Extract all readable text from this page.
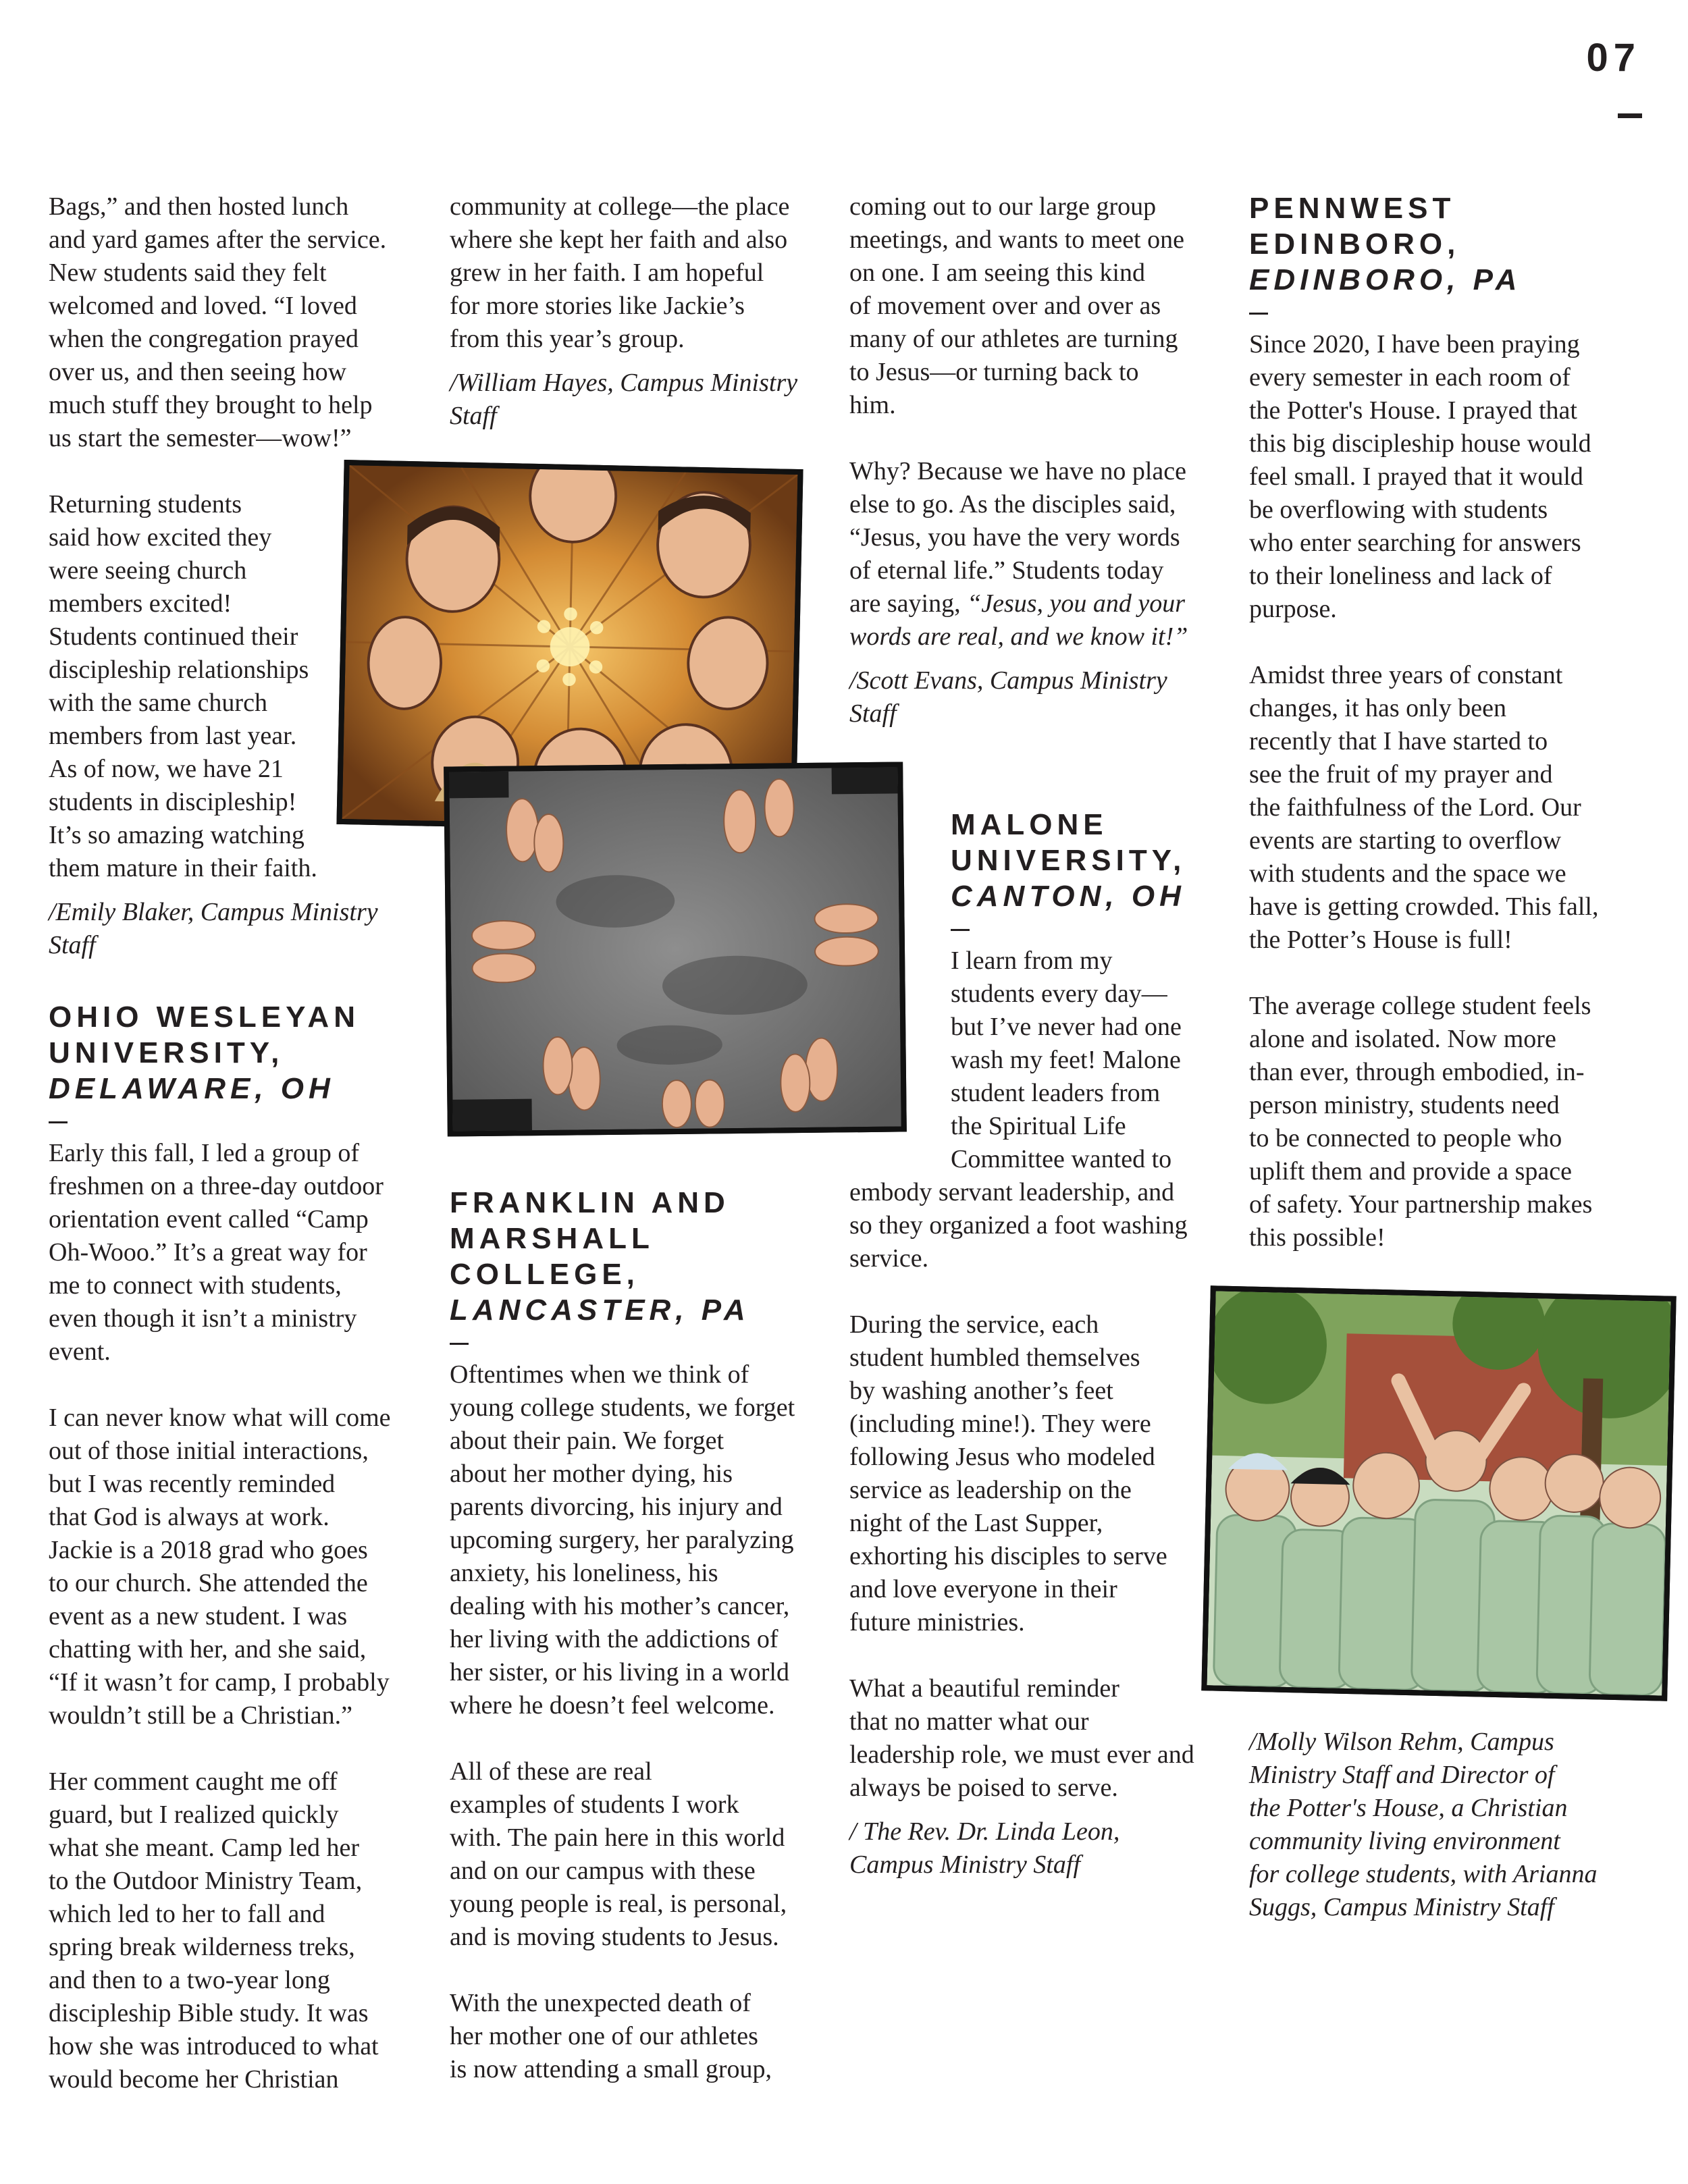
07

Bags,” and then hosted lunch

and yard games after the service.

New students said they felt

welcomed and loved. “I loved

when the congregation prayed

over us, and then seeing how

much stuff they brought to help

us start the semester—wow!”

Returning students

said how excited they

were seeing church

members excited!

Students continued their

discipleship relationships

with the same church

members from last year.

As of now, we have 21

students in discipleship!

It’s so amazing watching

them mature in their faith.

/Emily Blaker, Campus Ministry

Staff

OHIO WESLEYAN
UNIVERSITY,
DELAWARE, OH

Early this fall, I led a group of

freshmen on a three-day outdoor

orientation event called “Camp

Oh-Wooo.” It’s a great way for

me to connect with students,

even though it isn’t a ministry

event.

I can never know what will come

out of those initial interactions,

but I was recently reminded

that God is always at work.

Jackie is a 2018 grad who goes

to our church. She attended the

event as a new student. I was

chatting with her, and she said,

“If it wasn’t for camp, I probably

wouldn’t still be a Christian.”

Her comment caught me off

guard, but I realized quickly

what she meant. Camp led her

to the Outdoor Ministry Team,

which led to her to fall and

spring break wilderness treks,

and then to a two-year long

discipleship Bible study. It was

how she was introduced to what

would become her Christian

community at college—the place

where she kept her faith and also

grew in her faith. I am hopeful

for more stories like Jackie’s

from this year’s group.

/William Hayes, Campus Ministry

Staff

FRANKLIN AND
MARSHALL
COLLEGE,
LANCASTER, PA

Oftentimes when we think of

young college students, we forget

about their pain. We forget

about her mother dying, his

parents divorcing, his injury and

upcoming surgery, her paralyzing

anxiety, his loneliness, his

dealing with his mother’s cancer,

her living with the addictions of

her sister, or his living in a world

where he doesn’t feel welcome.

All of these are real

examples of students I work

with. The pain here in this world

and on our campus with these

young people is real, is personal,

and is moving students to Jesus.

With the unexpected death of

her mother one of our athletes

is now attending a small group,

coming out to our large group

meetings, and wants to meet one

on one. I am seeing this kind

of movement over and over as

many of our athletes are turning

to Jesus—or turning back to

him.

Why? Because we have no place

else to go. As the disciples said,

“Jesus, you have the very words

of eternal life.” Students today

are saying, “Jesus, you and your

words are real, and we know it!”

/Scott Evans, Campus Ministry

Staff

MALONE
UNIVERSITY,
CANTON, OH

I learn from my

students every day—

but I’ve never had one

wash my feet! Malone

student leaders from

the Spiritual Life

Committee wanted to

embody servant leadership, and

so they organized a foot washing

service.

During the service, each

student humbled themselves

by washing another’s feet

(including mine!). They were

following Jesus who modeled

service as leadership on the

night of the Last Supper,

exhorting his disciples to serve

and love everyone in their

future ministries.

What a beautiful reminder

that no matter what our

leadership role, we must ever and

always be poised to serve.

/ The Rev. Dr. Linda Leon,

Campus Ministry Staff

PENNWEST
EDINBORO,
EDINBORO, PA

Since 2020, I have been praying

every semester in each room of

the Potter's House. I prayed that

this big discipleship house would

feel small. I prayed that it would

be overflowing with students

who enter searching for answers

to their loneliness and lack of

purpose.

Amidst three years of constant

changes, it has only been

recently that I have started to

see the fruit of my prayer and

the faithfulness of the Lord. Our

events are starting to overflow

with students and the space we

have is getting crowded. This fall,

the Potter’s House is full!

The average college student feels

alone and isolated. Now more

than ever, through embodied, in-

person ministry, students need

to be connected to people who

uplift them and provide a space

of safety. Your partnership makes

this possible!

/Molly Wilson Rehm, Campus

Ministry Staff and Director of

the Potter's House, a Christian

community living environment

for college students, with Arianna

Suggs, Campus Ministry Staff
